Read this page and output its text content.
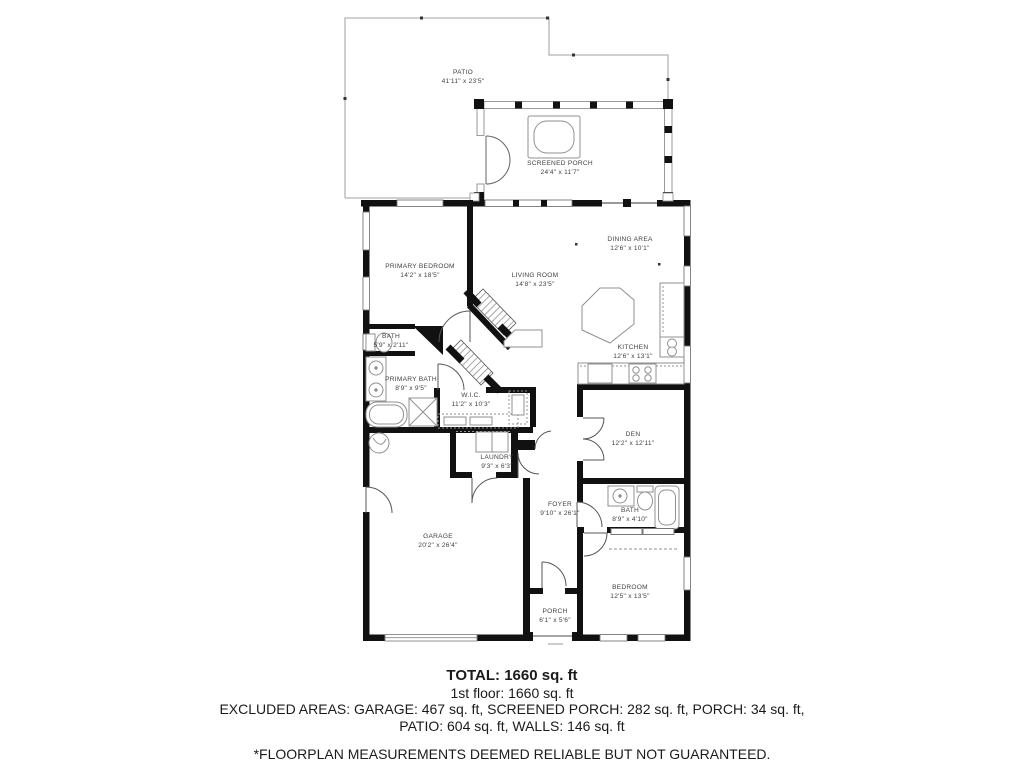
PATIO
41'11" x 23'5"
SCREENED PORCH
24'4" x 11'7"
PRIMARY BEDROOM
14'2" x 18'5"	LIVING ROOM
14'8" x 23'5"
DINING AREA
12'6" x 10'1"
KITCHEN
12'6" x 13'1"
BATH
5'9" x 2'11"
PRIMARY BATH
8'9" x 9'5"
W.I.C.
11'2" x 10'3"
LAUNDRY
9'3" x 6'3"
DEN
12'2" x 12'11"
FOYER
9'10" x 26'1"	BATH
8'9" x 4'10"
GARAGE
20'2" x 26'4"
PORCH
6'1" x 5'6"
BEDROOM
12'5" x 13'5"

TOTAL: 1660 sq. ft

1st floor: 1660 sq. ft

EXCLUDED AREAS: GARAGE: 467 sq. ft, SCREENED PORCH: 282 sq. ft, PORCH: 34 sq. ft,

PATIO: 604 sq. ft, WALLS: 146 sq. ft

*FLOORPLAN MEASUREMENTS DEEMED RELIABLE BUT NOT GUARANTEED.
